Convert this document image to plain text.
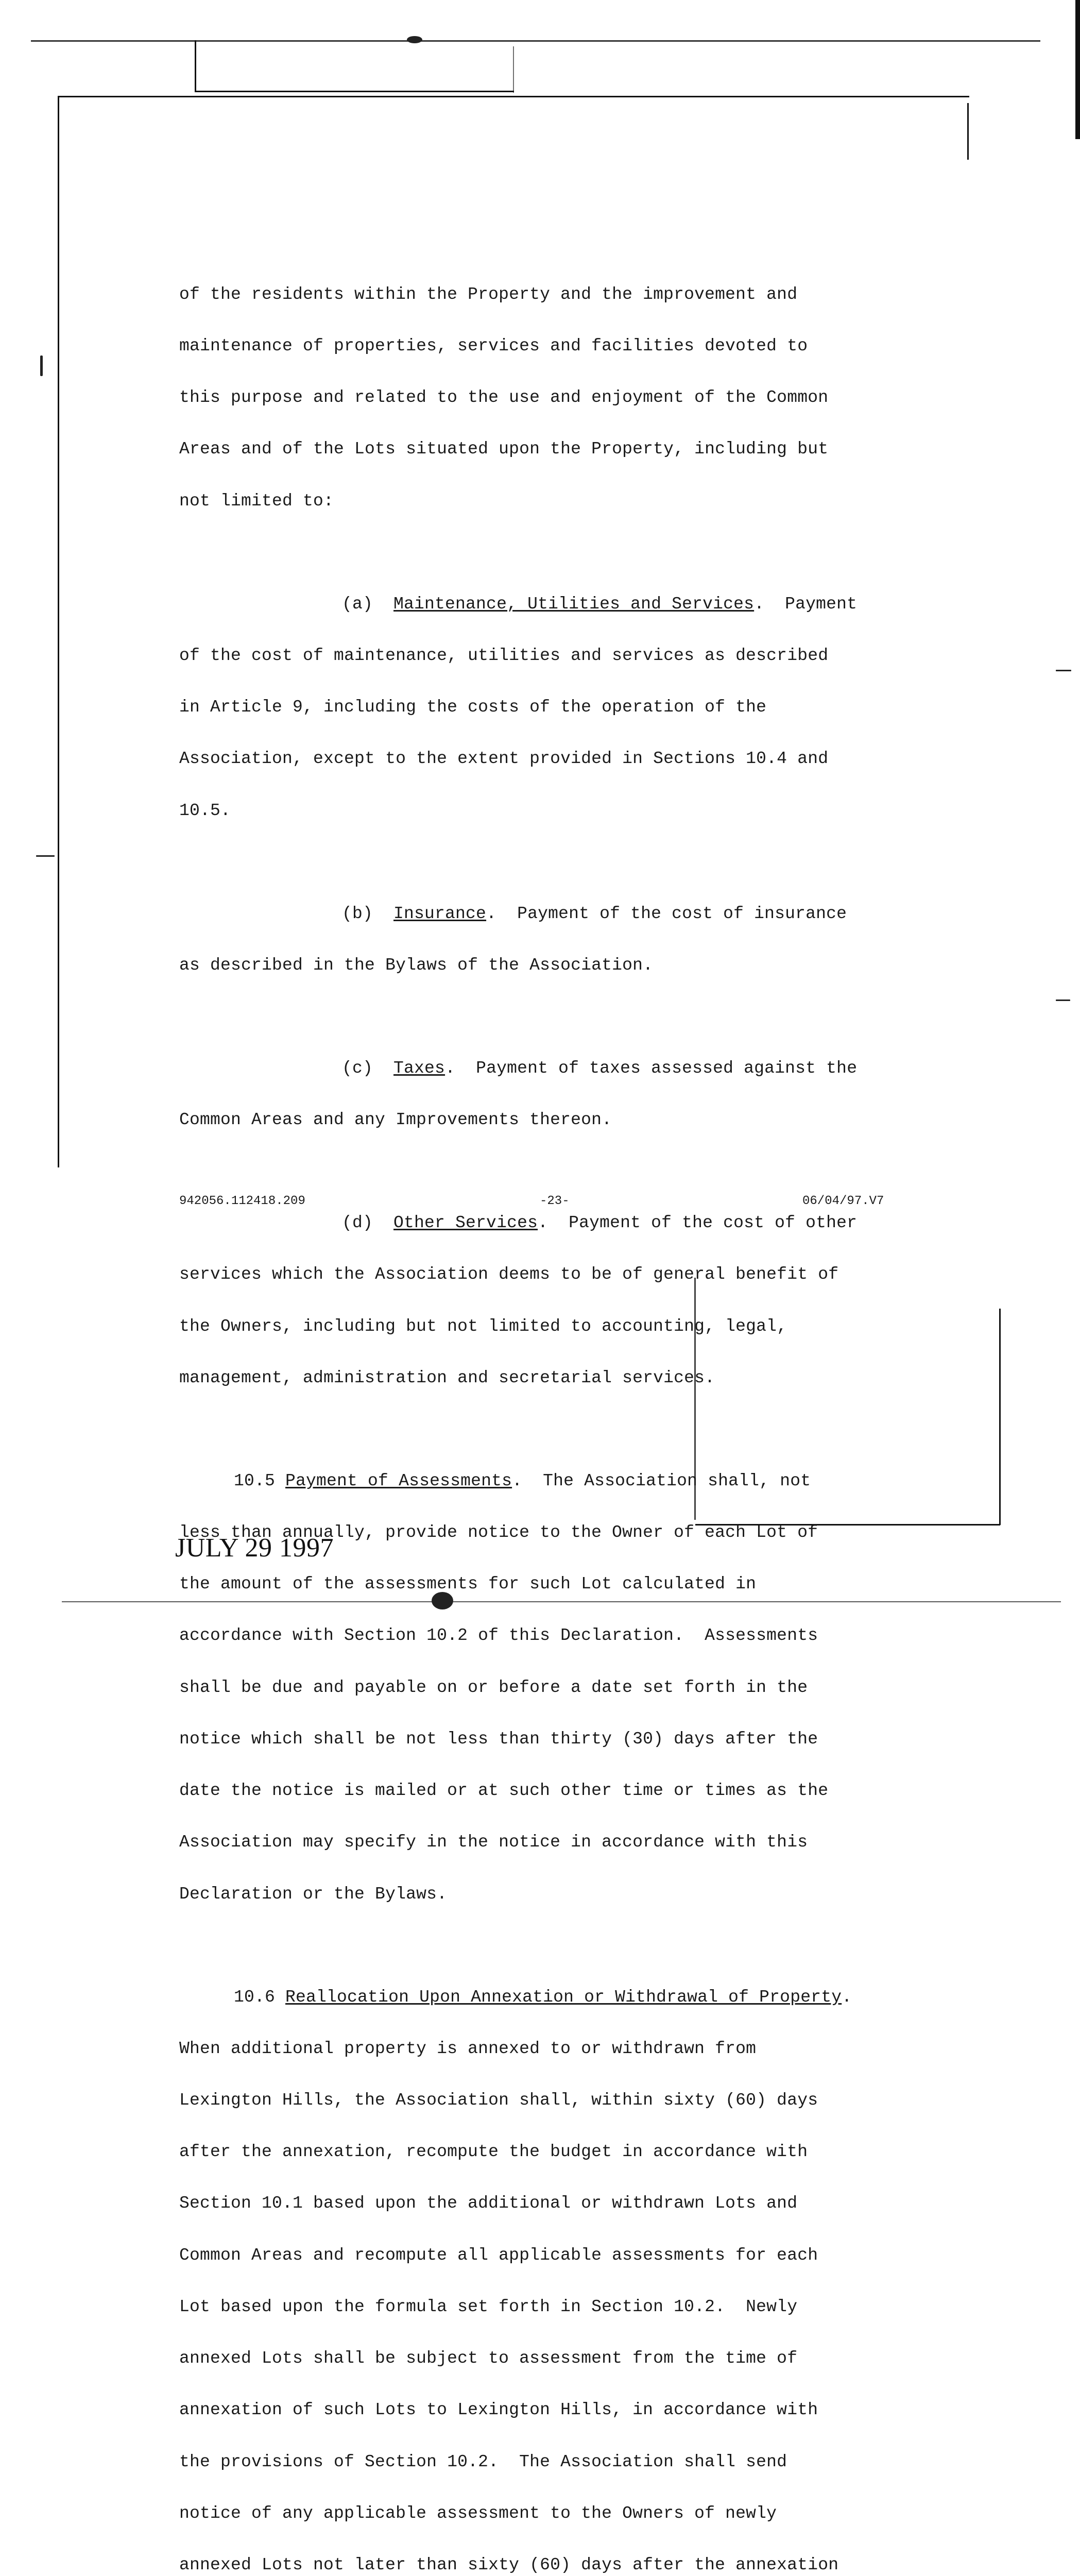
of the residents within the Property and the improvement and

maintenance of properties, services and facilities devoted to

this purpose and related to the use and enjoyment of the Common

Areas and of the Lots situated upon the Property, including but

not limited to:

(a) Maintenance, Utilities and Services.  Payment

of the cost of maintenance, utilities and services as described

in Article 9, including the costs of the operation of the

Association, except to the extent provided in Sections 10.4 and

10.5.

(b) Insurance.  Payment of the cost of insurance

as described in the Bylaws of the Association.

(c) Taxes.  Payment of taxes assessed against the

Common Areas and any Improvements thereon.

(d) Other Services.  Payment of the cost of other

services which the Association deems to be of general benefit of

the Owners, including but not limited to accounting, legal,

management, administration and secretarial services.

10.5 Payment of Assessments.  The Association shall, not

less than annually, provide notice to the Owner of each Lot of

the amount of the assessments for such Lot calculated in

accordance with Section 10.2 of this Declaration.  Assessments

shall be due and payable on or before a date set forth in the

notice which shall be not less than thirty (30) days after the

date the notice is mailed or at such other time or times as the

Association may specify in the notice in accordance with this

Declaration or the Bylaws.

10.6 Reallocation Upon Annexation or Withdrawal of Property.

When additional property is annexed to or withdrawn from

Lexington Hills, the Association shall, within sixty (60) days

after the annexation, recompute the budget in accordance with

Section 10.1 based upon the additional or withdrawn Lots and

Common Areas and recompute all applicable assessments for each

Lot based upon the formula set forth in Section 10.2.  Newly

annexed Lots shall be subject to assessment from the time of

annexation of such Lots to Lexington Hills, in accordance with

the provisions of Section 10.2.  The Association shall send

notice of any applicable assessment to the Owners of newly

annexed Lots not later than sixty (60) days after the annexation

942056.112418.209	-23-	06/04/97.V7
JULY 29 1997
